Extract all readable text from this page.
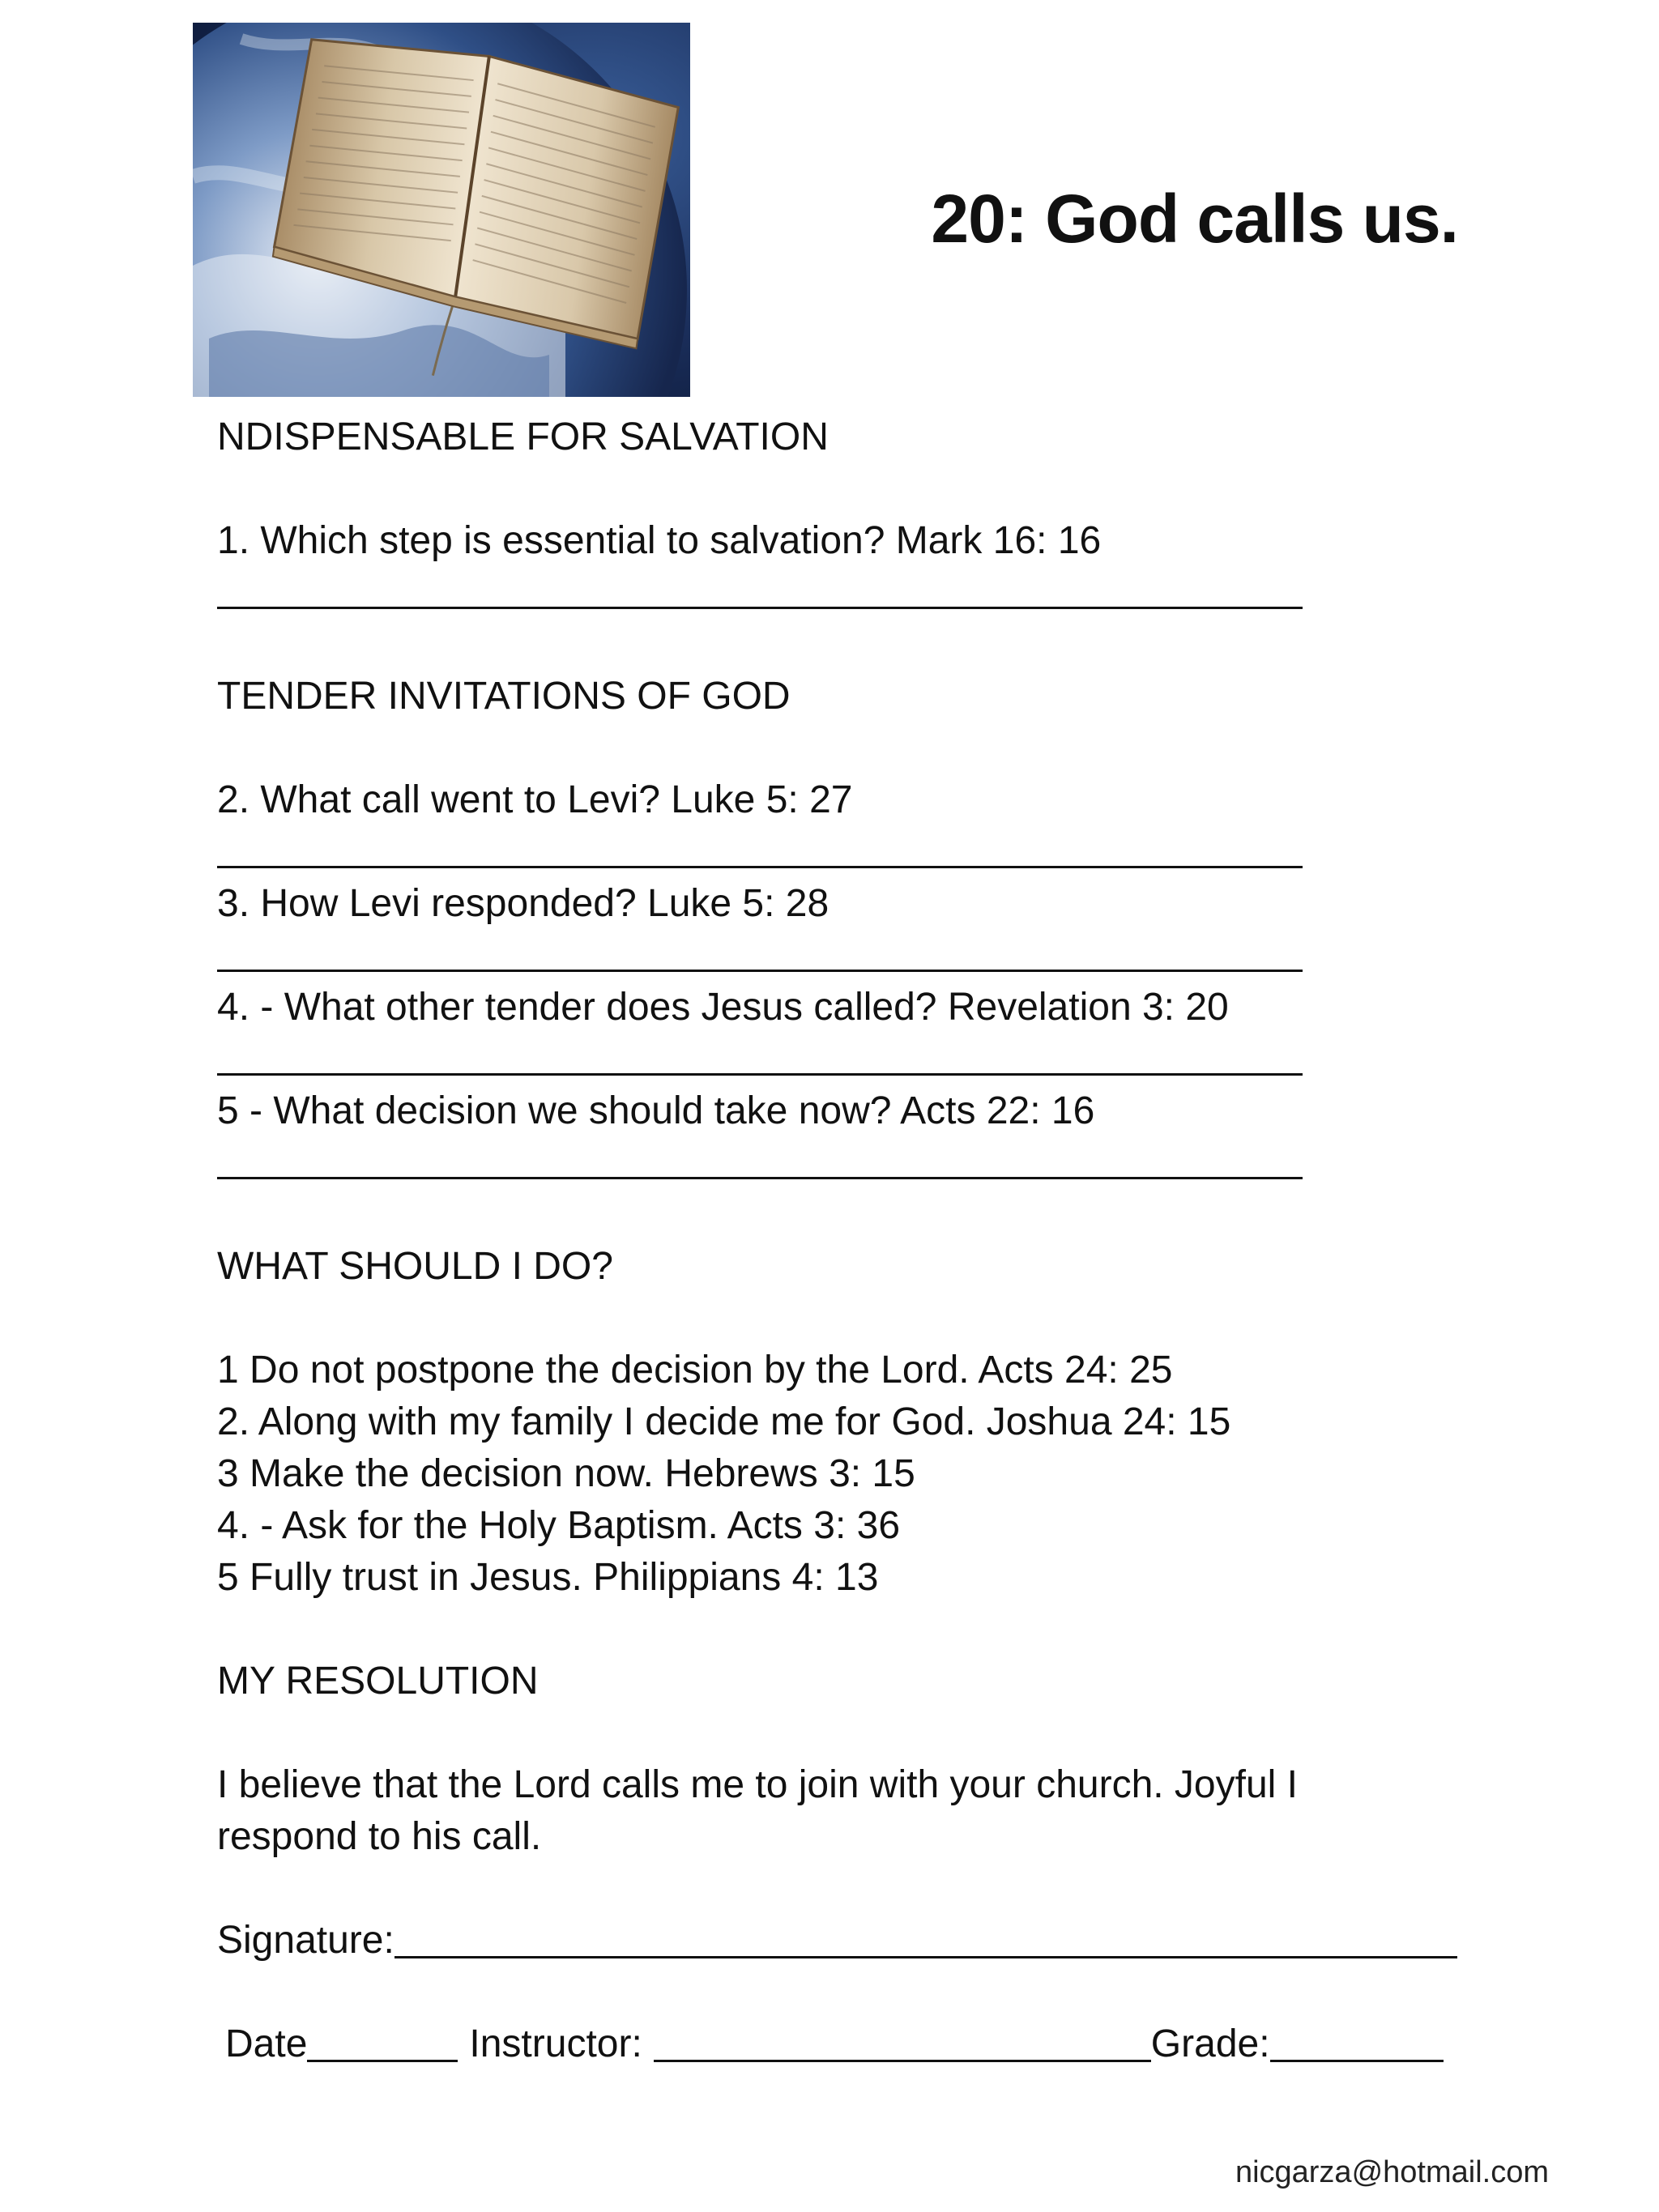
20: God calls us.
NDISPENSABLE FOR SALVATION
1. Which step is essential to salvation? Mark 16: 16
TENDER INVITATIONS OF GOD
2. What call went to Levi? Luke 5: 27
3. How Levi responded? Luke 5: 28
4. - What other tender does Jesus called? Revelation 3: 20
5 - What decision we should take now? Acts 22: 16
WHAT SHOULD I DO?
1 Do not postpone the decision by the Lord. Acts 24: 25
2. Along with my family I decide me for God. Joshua 24: 15
3 Make the decision now. Hebrews 3: 15
4. - Ask for the Holy Baptism. Acts 3: 36
5 Fully trust in Jesus. Philippians 4: 13
MY RESOLUTION
I believe that the Lord calls me to join with your church. Joyful I respond to his call.
Signature:
Date	Instructor:	Grade:
nicgarza@hotmail.com
